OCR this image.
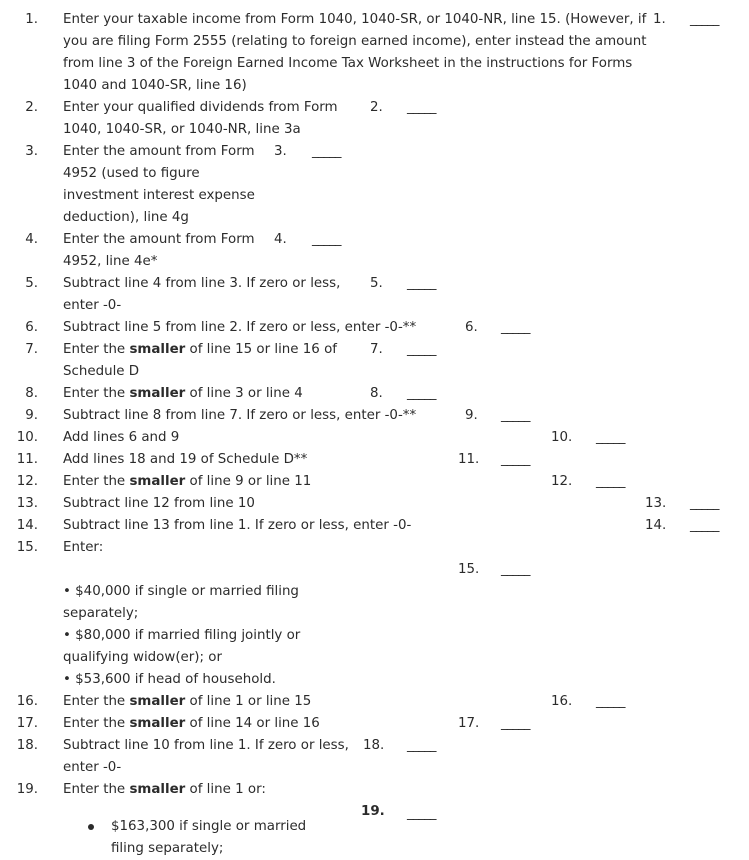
1. Enter your taxable income from Form 1040, 1040-SR, or 1040-NR, line 15. (However, if
you are filing Form 2555 (relating to foreign earned income), enter instead the amount
from line 3 of the Foreign Earned Income Tax Worksheet in the instructions for Forms
1040 and 1040-SR, line 16)
1. _____
2. Enter your qualified dividends from Form
1040, 1040-SR, or 1040-NR, line 3a
2. _____
3. Enter the amount from Form
4952 (used to figure
investment interest expense
deduction), line 4g
3. _____
4. Enter the amount from Form
4952, line 4e*
4. _____
5. Subtract line 4 from line 3. If zero or less,
enter -0-
5. _____
6. Subtract line 5 from line 2. If zero or less, enter -0-**	6. _____
7. Enter the smaller of line 15 or line 16 of
Schedule D
7. _____
8. Enter the smaller of line 3 or line 4	8. _____
9. Subtract line 8 from line 7. If zero or less, enter -0-**	9. _____
10. Add lines 6 and 9	10. _____
11. Add lines 18 and 19 of Schedule D**	11. _____
12. Enter the smaller of line 9 or line 11	12. _____
13. Subtract line 12 from line 10	13. _____
14. Subtract line 13 from line 1. If zero or less, enter -0-	14. _____
15. Enter:
15. _____
• $40,000 if single or married filing
separately;
• $80,000 if married filing jointly or
qualifying widow(er); or
• $53,600 if head of household.
16. Enter the smaller of line 1 or line 15	16. _____
17. Enter the smaller of line 14 or line 16	17. _____
18. Subtract line 10 from line 1. If zero or less,
enter -0-
18. _____
19. Enter the smaller of line 1 or:
19. _____
$163,300 if single or married
filing separately;
